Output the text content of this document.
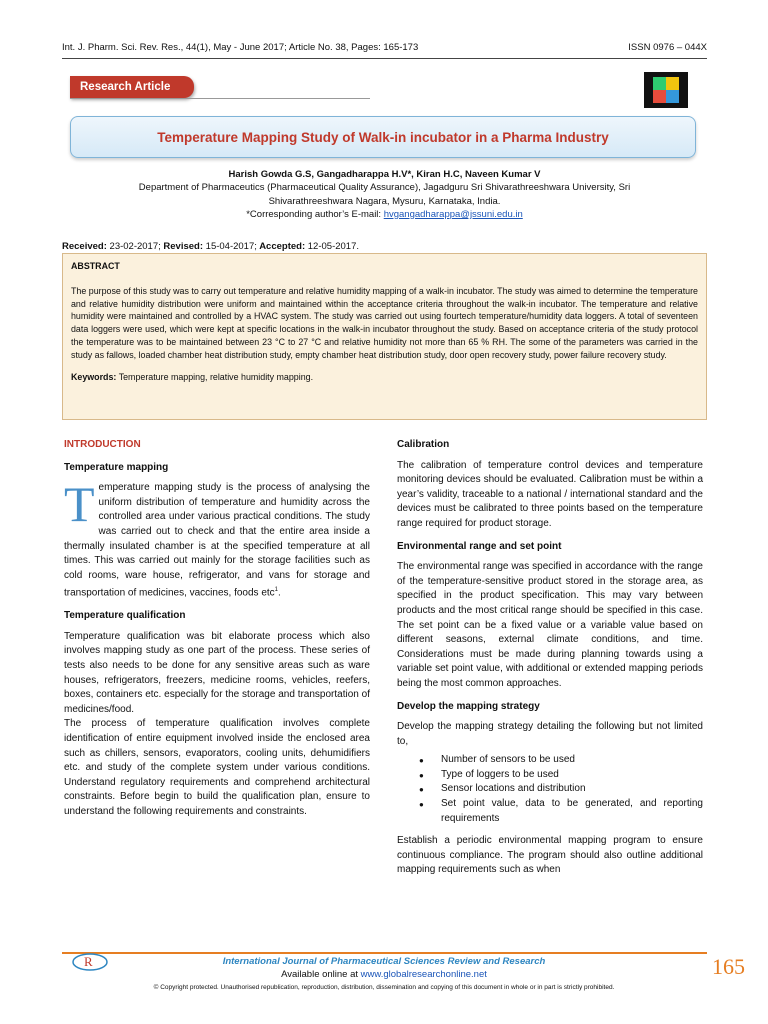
Int. J. Pharm. Sci. Rev. Res., 44(1), May - June 2017; Article No. 38, Pages: 165-173	ISSN 0976 – 044X
Research Article
Temperature Mapping Study of Walk-in incubator in a Pharma Industry
Harish Gowda G.S, Gangadharappa H.V*, Kiran H.C, Naveen Kumar V
Department of Pharmaceutics (Pharmaceutical Quality Assurance), Jagadguru Sri Shivarathreeshwara University, Sri
Shivarathreeshwara Nagara, Mysuru, Karnataka, India.
*Corresponding author’s E-mail: hvgangadharappa@jssuni.edu.in
Received: 23-02-2017; Revised: 15-04-2017; Accepted: 12-05-2017.
ABSTRACT
The purpose of this study was to carry out temperature and relative humidity mapping of a walk-in incubator. The study was aimed to determine the temperature and relative humidity distribution were uniform and maintained within the acceptance criteria throughout the walk-in incubator. The temperature and relative humidity were maintained and controlled by a HVAC system. The study was carried out using fourtech temperature/humidity data loggers. A total of seventeen data loggers were used, which were kept at specific locations in the walk-in incubator throughout the study. Based on acceptance criteria of the study protocol the temperature was to be maintained between 23 °C to 27 °C and relative humidity not more than 65 % RH. The some of the parameters was carried in the study as fallows, loaded chamber heat distribution study, empty chamber heat distribution study, door open recovery study, power failure recovery study.
Keywords: Temperature mapping, relative humidity mapping.
INTRODUCTION
Temperature mapping
Temperature mapping study is the process of analysing the uniform distribution of temperature and humidity across the controlled area under various practical conditions. The study was carried out to check and that the entire area inside a thermally insulated chamber is at the specified temperature at all times. This was carried out mainly for the storage facilities such as cold rooms, ware house, refrigerator, and vans for storage and transportation of medicines, vaccines, foods etc$^1$.
Temperature qualification
Temperature qualification was bit elaborate process which also involves mapping study as one part of the process. These series of tests also needs to be done for any sensitive areas such as ware houses, refrigerators, freezers, medicine rooms, vehicles, reefers, boxes, containers etc. especially for the storage and transportation of medicines/food.
The process of temperature qualification involves complete identification of entire equipment involved inside the enclosed area such as chillers, sensors, evaporators, cooling units, dehumidifiers etc. and study of the complete system under various conditions. Understand regulatory requirements and comprehend architectural constraints. Before begin to build the qualification plan, ensure to understand the following requirements and constraints.
Calibration
The calibration of temperature control devices and temperature monitoring devices should be evaluated. Calibration must be within a year’s validity, traceable to a national / international standard and the devices must be calibrated to three points based on the temperature range required for product storage.
Environmental range and set point
The environmental range was specified in accordance with the range of the temperature-sensitive product stored in the storage area, as specified in the product specification. This may vary between products and the most critical range should be specified in this case. The set point can be a fixed value or a variable value based on different seasons, external climate conditions, and time. Considerations must be made during planning towards using a variable set point value, with additional or extended mapping periods being the most common approaches.
Develop the mapping strategy
Develop the mapping strategy detailing the following but not limited to,
● Number of sensors to be used
● Type of loggers to be used
● Sensor locations and distribution
● Set point value, data to be generated, and reporting requirements
Establish a periodic environmental mapping program to ensure continuous compliance. The program should also outline additional mapping requirements such as when
R	International Journal of Pharmaceutical Sciences Review and Research
Available online at www.globalresearchonline.net
© Copyright protected. Unauthorised republication, reproduction, distribution, dissemination and copying of this document in whole or in part is strictly prohibited.
165
